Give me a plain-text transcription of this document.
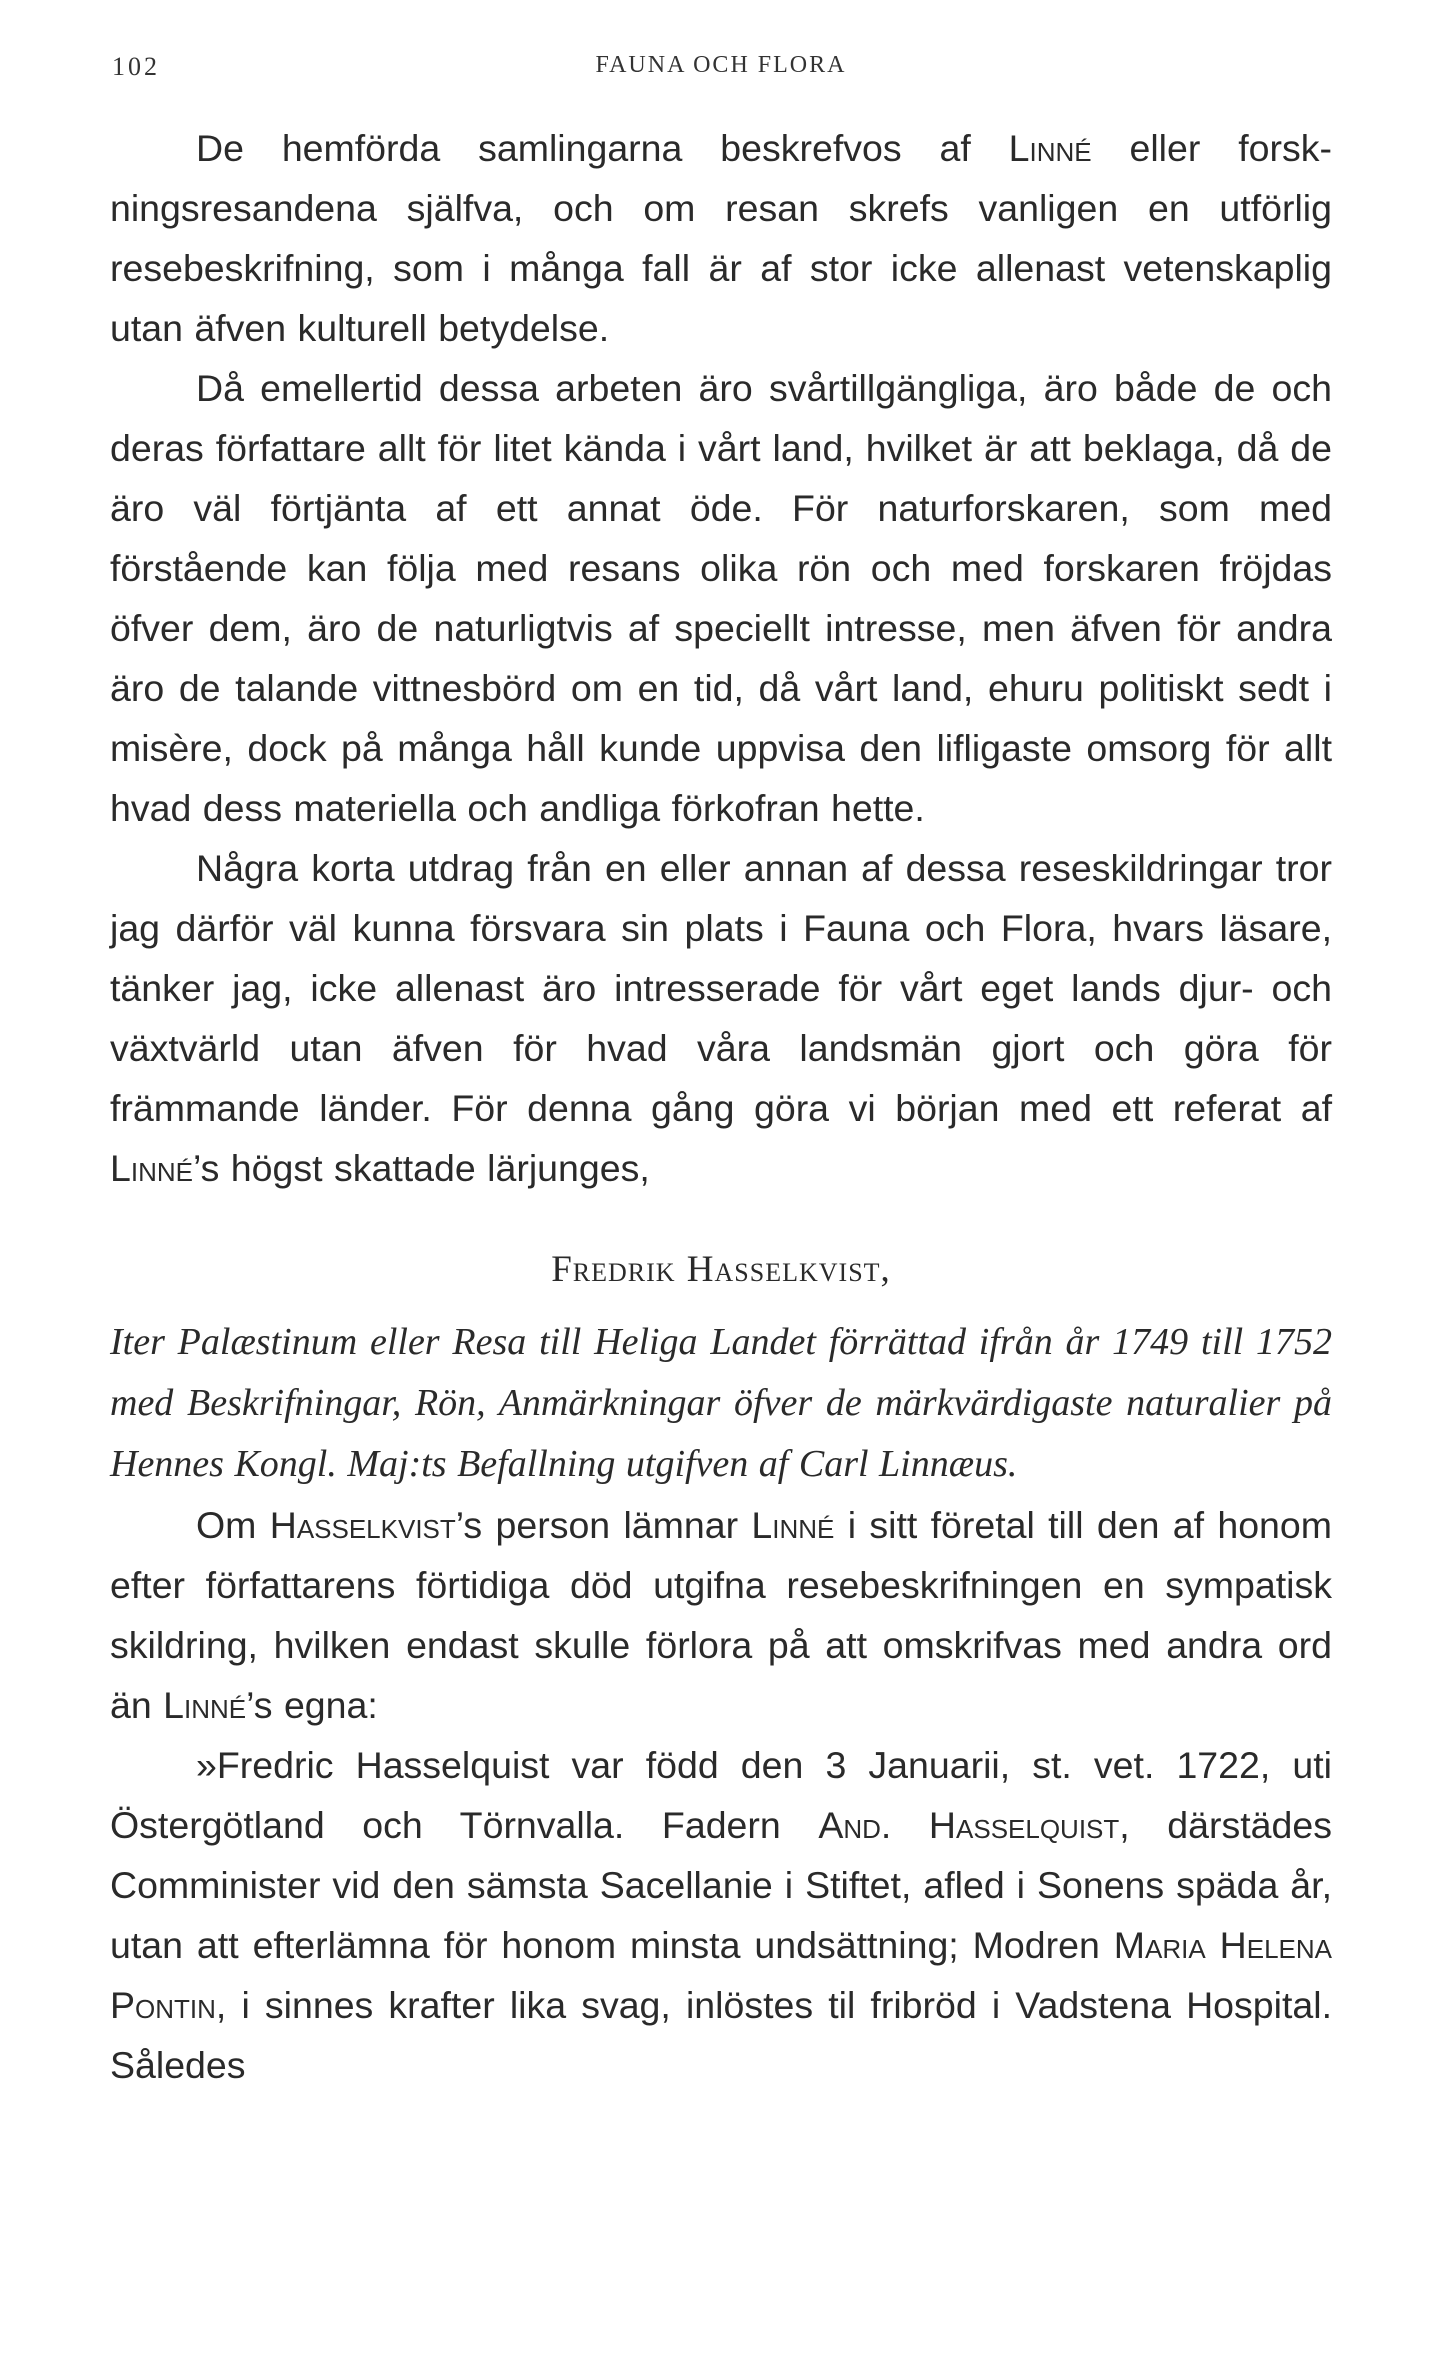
102	FAUNA OCH FLORA

De hemförda samlingarna beskrefvos af Linné eller forskningsresandena själfva, och om resan skrefs vanligen en utförlig resebeskrifning, som i många fall är af stor icke allenast vetenskaplig utan äfven kulturell betydelse.

Då emellertid dessa arbeten äro svårtillgängliga, äro både de och deras författare allt för litet kända i vårt land, hvilket är att beklaga, då de äro väl förtjänta af ett annat öde. För naturforskaren, som med förstående kan följa med resans olika rön och med forskaren fröjdas öfver dem, äro de naturligtvis af speciellt intresse, men äfven för andra äro de talande vittnesbörd om en tid, då vårt land, ehuru politiskt sedt i misère, dock på många håll kunde uppvisa den lifligaste omsorg för allt hvad dess materiella och andliga förkofran hette.

Några korta utdrag från en eller annan af dessa reseskildringar tror jag därför väl kunna försvara sin plats i Fauna och Flora, hvars läsare, tänker jag, icke allenast äro intresserade för vårt eget lands djur- och växtvärld utan äfven för hvad våra landsmän gjort och göra för främmande länder. För denna gång göra vi början med ett referat af Linné’s högst skattade lärjunges,

Fredrik Hasselkvist,

Iter Palæstinum eller Resa till Heliga Landet förrättad ifrån år 1749 till 1752 med Beskrifningar, Rön, Anmärkningar öfver de märkvärdigaste naturalier på Hennes Kongl. Maj:ts Befallning utgifven af Carl Linnæus.

Om Hasselkvist’s person lämnar Linné i sitt företal till den af honom efter författarens förtidiga död utgifna resebeskrifningen en sympatisk skildring, hvilken endast skulle förlora på att omskrifvas med andra ord än Linné’s egna:

»Fredric Hasselquist var född den 3 Januarii, st. vet. 1722, uti Östergötland och Törnvalla. Fadern And. Hasselquist, därstädes Comminister vid den sämsta Sacellanie i Stiftet, afled i Sonens späda år, utan att efterlämna för honom minsta undsättning; Modren Maria Helena Pontin, i sinnes krafter lika svag, inlöstes til fribröd i Vadstena Hospital. Således
